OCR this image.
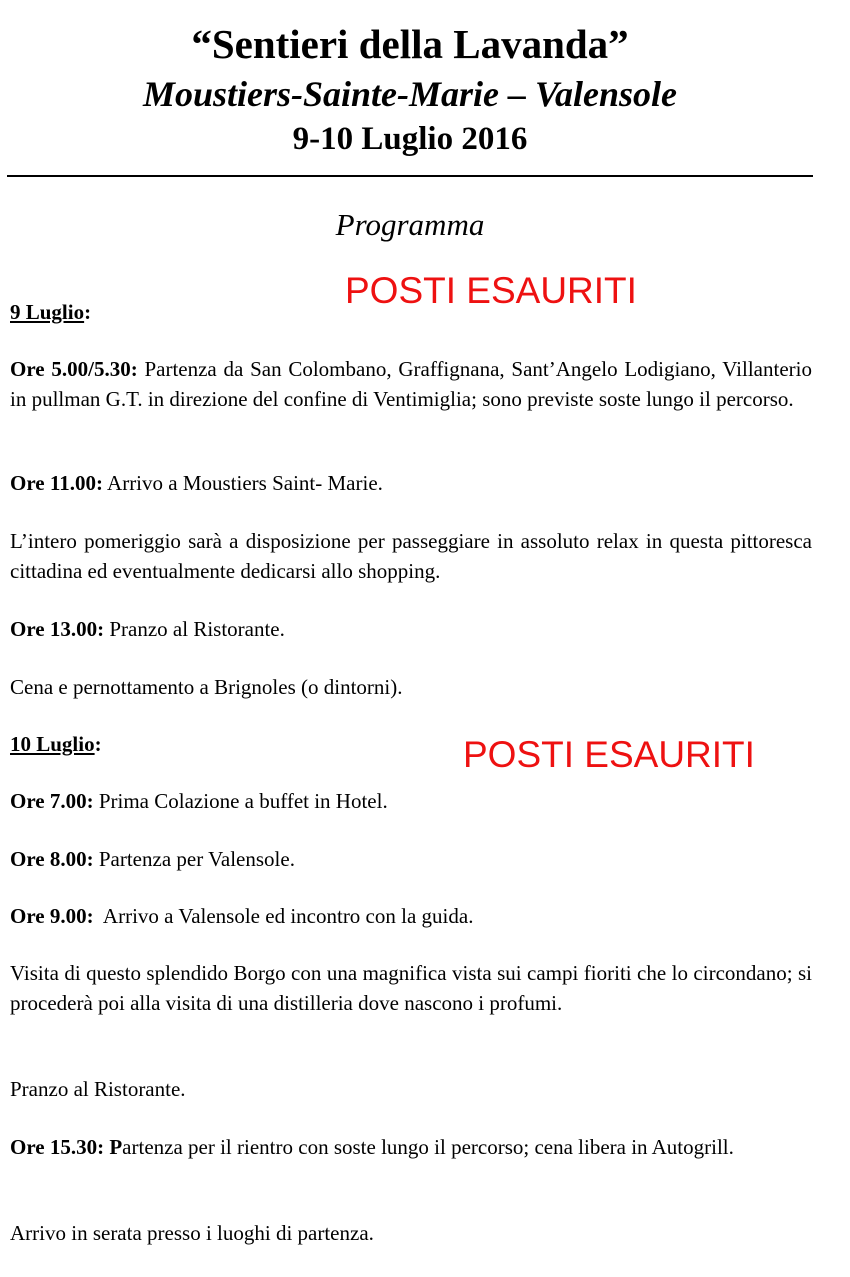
“Sentieri della Lavanda”
Moustiers-Sainte-Marie – Valensole
9-10 Luglio 2016
Programma
POSTI ESAURITI
POSTI ESAURITI

9 Luglio:

Ore 5.00/5.30: Partenza da San Colombano, Graffignana, Sant’Angelo Lodigiano, Villanterio in pullman G.T. in direzione del confine di Ventimiglia; sono previste soste lungo il percorso.

Ore 11.00: Arrivo a Moustiers Saint- Marie.

L’intero pomeriggio sarà a disposizione per passeggiare in assoluto relax in questa pittoresca cittadina ed eventualmente dedicarsi allo shopping.

Ore 13.00: Pranzo al Ristorante.

Cena e pernottamento a Brignoles (o dintorni).

10 Luglio:

Ore 7.00: Prima Colazione a buffet in Hotel.

Ore 8.00: Partenza per Valensole.

Ore 9.00:  Arrivo a Valensole ed incontro con la guida.

Visita di questo splendido Borgo con una magnifica vista sui campi fioriti che lo circondano; si procederà poi alla visita di una distilleria dove nascono i profumi.

Pranzo al Ristorante.

Ore 15.30: Partenza per il rientro con soste lungo il percorso; cena libera in Autogrill.

Arrivo in serata presso i luoghi di partenza.
